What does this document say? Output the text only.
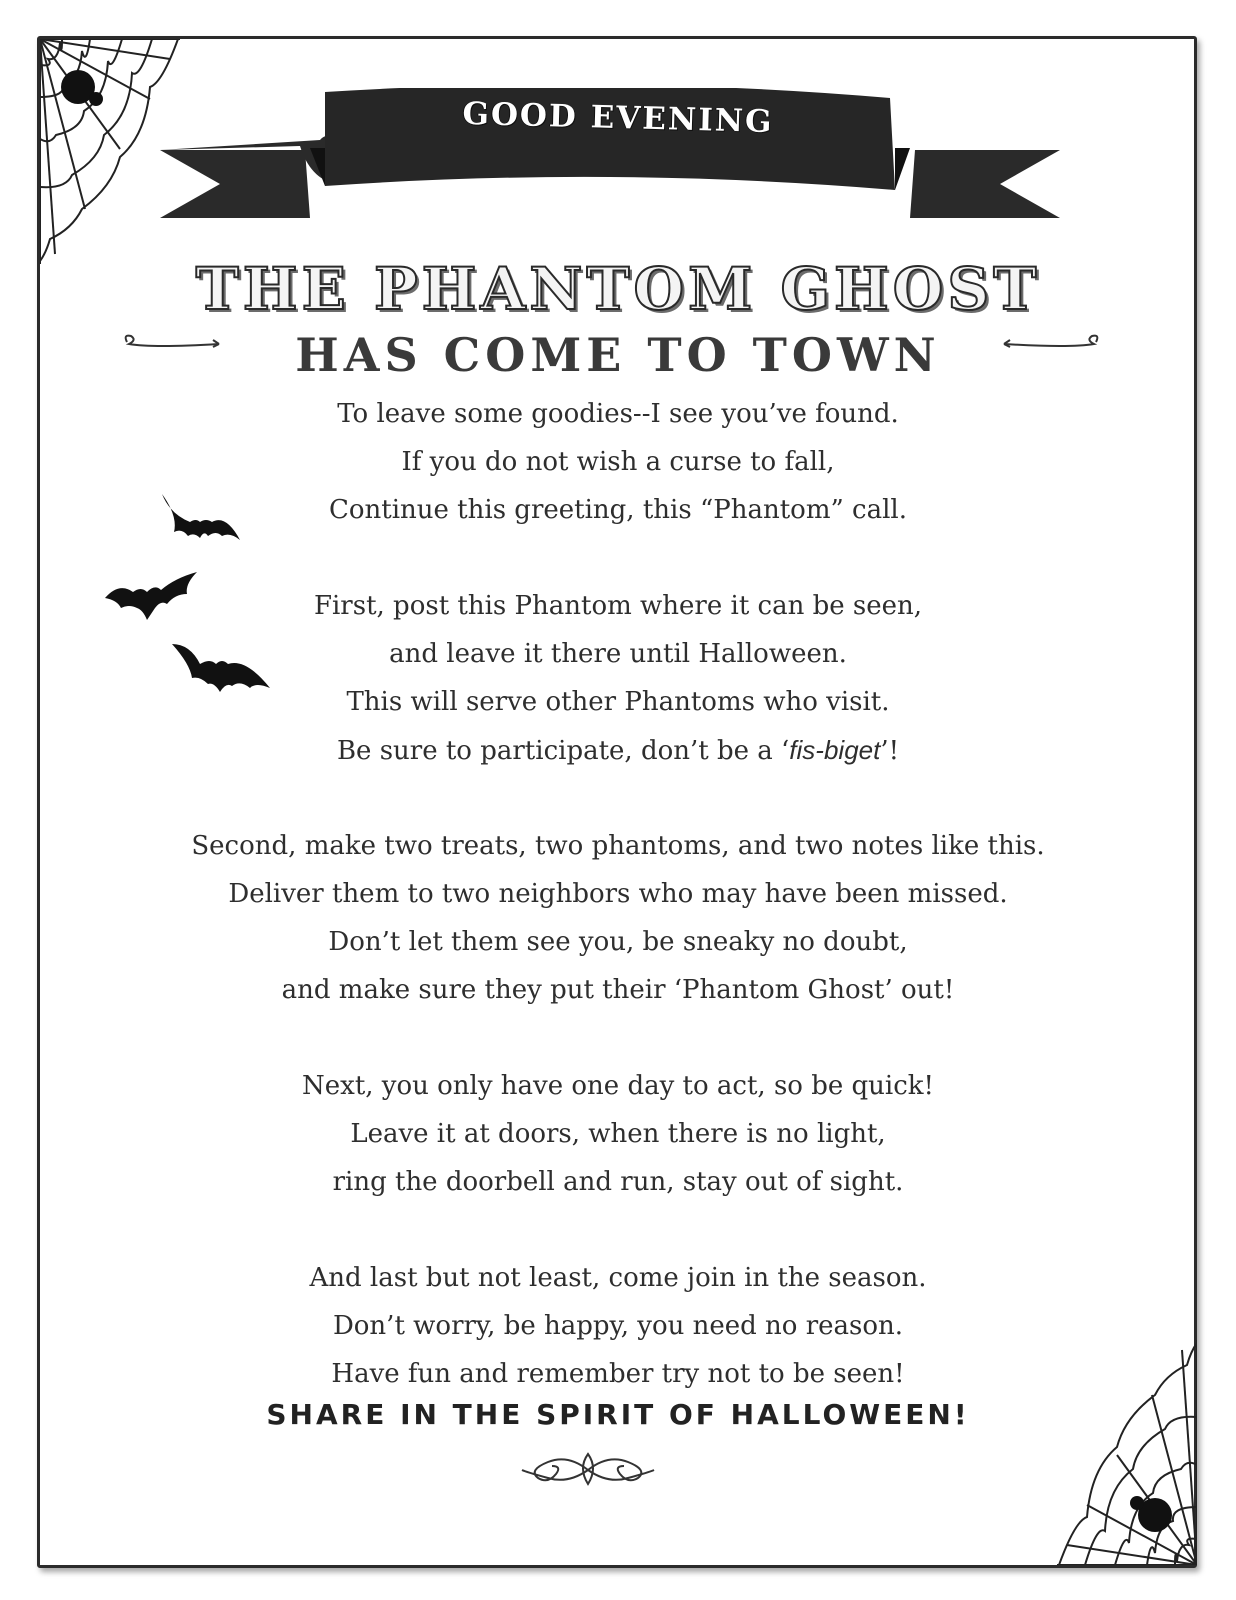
GOOD EVENING
THE PHANTOM GHOST
HAS COME TO TOWN
To leave some goodies--I see you’ve found.
If you do not wish a curse to fall,
Continue this greeting, this “Phantom” call.
First, post this Phantom where it can be seen,
and leave it there until Halloween.
This will serve other Phantoms who visit.
Be sure to participate, don’t be a ‘fis-biget’!
Second, make two treats, two phantoms, and two notes like this.
Deliver them to two neighbors who may have been missed.
Don’t let them see you, be sneaky no doubt,
and make sure they put their ‘Phantom Ghost’ out!
Next, you only have one day to act, so be quick!
Leave it at doors, when there is no light,
ring the doorbell and run, stay out of sight.
And last but not least, come join in the season.
Don’t worry, be happy, you need no reason.
Have fun and remember try not to be seen!
SHARE IN THE SPIRIT OF HALLOWEEN!
